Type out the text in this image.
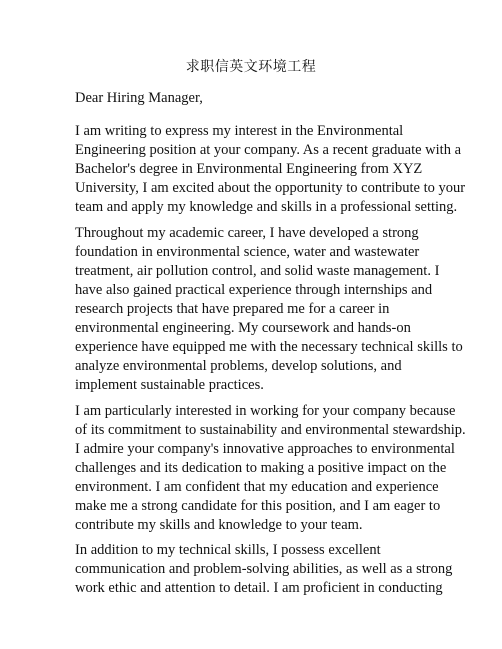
求职信英文环境工程
Dear Hiring Manager,

I am writing to express my interest in the Environmental
Engineering position at your company. As a recent graduate with a
Bachelor's degree in Environmental Engineering from XYZ
University, I am excited about the opportunity to contribute to your
team and apply my knowledge and skills in a professional setting.

Throughout my academic career, I have developed a strong
foundation in environmental science, water and wastewater
treatment, air pollution control, and solid waste management. I
have also gained practical experience through internships and
research projects that have prepared me for a career in
environmental engineering. My coursework and hands-on
experience have equipped me with the necessary technical skills to
analyze environmental problems, develop solutions, and
implement sustainable practices.

I am particularly interested in working for your company because
of its commitment to sustainability and environmental stewardship.
I admire your company's innovative approaches to environmental
challenges and its dedication to making a positive impact on the
environment. I am confident that my education and experience
make me a strong candidate for this position, and I am eager to
contribute my skills and knowledge to your team.

In addition to my technical skills, I possess excellent
communication and problem-solving abilities, as well as a strong
work ethic and attention to detail. I am proficient in conducting
